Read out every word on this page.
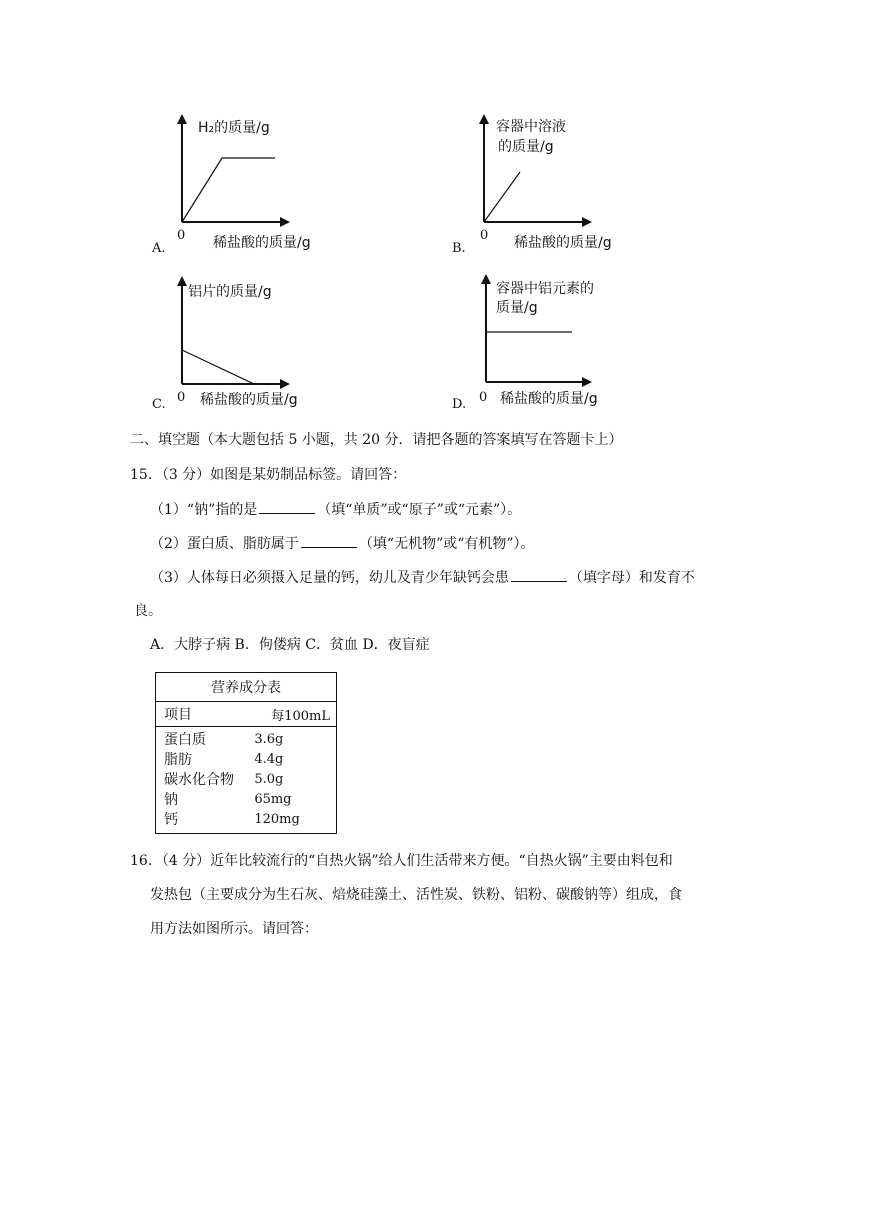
H₂的质量/g
0 稀盐酸的质量/g
A.
容器中溶液
的质量/g
0 稀盐酸的质量/g
B.
铝片的质量/g
0 稀盐酸的质量/g
C.
容器中铝元素的
质量/g
0 稀盐酸的质量/g
D.
二、填空题（本大题包括 5 小题，共 20 分．请把各题的答案填写在答题卡上）
15．（3 分）如图是某奶制品标签。请回答：
（1）“钠”指的是	（填“单质”或“原子”或“元素”）。
（2）蛋白质、脂肪属于	（填“无机物”或“有机物”）。
（3）人体每日必须摄入足量的钙，幼儿及青少年缺钙会患	（填字母）和发育不
良。
A．大脖子病 B．佝偻病 C．贫血 D．夜盲症
营养成分表	
项目	每100mL
蛋白质	3.6g
脂肪	4.4g
碳水化合物	5.0g
钠	65mg
钙	120mg
16．（4 分）近年比较流行的“自热火锅”给人们生活带来方便。“自热火锅”主要由料包和
发热包（主要成分为生石灰、焙烧硅藻土、活性炭、铁粉、铝粉、碳酸钠等）组成，食
用方法如图所示。请回答：
